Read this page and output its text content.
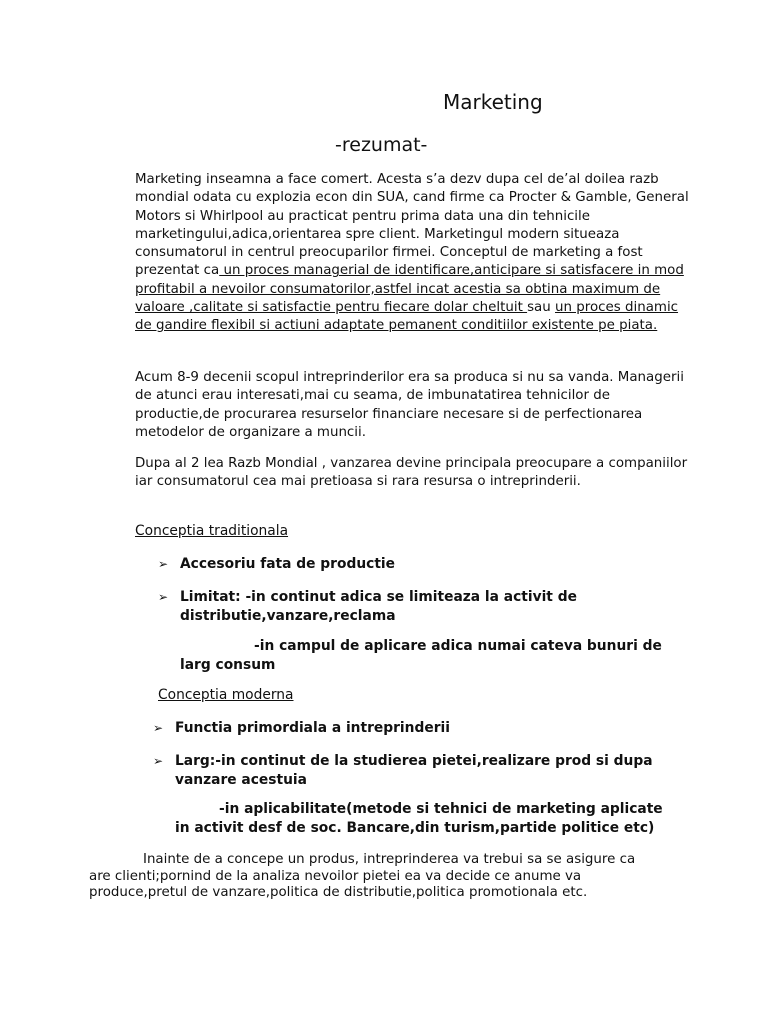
Marketing
-rezumat-

Marketing inseamna a face comert. Acesta s’a dezv dupa cel de’al doilea razb mondial odata cu explozia econ din SUA, cand firme ca Procter & Gamble, General Motors si Whirlpool au practicat pentru prima data una din tehnicile marketingului,adica,orientarea spre client. Marketingul modern situeaza consumatorul in centrul preocuparilor firmei. Conceptul de marketing a fost prezentat ca un proces managerial de identificare,anticipare si satisfacere in mod profitabil a nevoilor consumatorilor,astfel incat acestia sa obtina maximum de valoare ,calitate si satisfactie pentru fiecare dolar cheltuit sau un proces dinamic de gandire flexibil si actiuni adaptate pemanent conditiilor existente pe piata.

Acum 8-9 decenii scopul intreprinderilor era sa produca si nu sa vanda. Managerii de atunci erau interesati,mai cu seama, de imbunatatirea tehnicilor de productie,de procurarea resurselor financiare necesare si de perfectionarea metodelor de organizare a muncii.

Dupa al 2 lea Razb Mondial , vanzarea devine principala preocupare a companiilor iar consumatorul cea mai pretioasa si rara resursa o intreprinderii.

Conceptia traditionala
➢ Accesoriu fata de productie
➢ Limitat: -in continut adica se limiteaza la activit de distributie,vanzare,reclama
-in campul de aplicare adica numai cateva bunuri de
larg consum
Conceptia moderna
➢ Functia primordiala a intreprinderii
➢ Larg:-in continut de la studierea pietei,realizare prod si dupa vanzare acestuia
-in aplicabilitate(metode si tehnici de marketing aplicate
in activit desf de soc. Bancare,din turism,partide politice etc)

Inainte de a concepe un produs, intreprinderea va trebui sa se asigure ca are clienti;pornind de la analiza nevoilor pietei ea va decide ce anume va produce,pretul de vanzare,politica de distributie,politica promotionala etc.
